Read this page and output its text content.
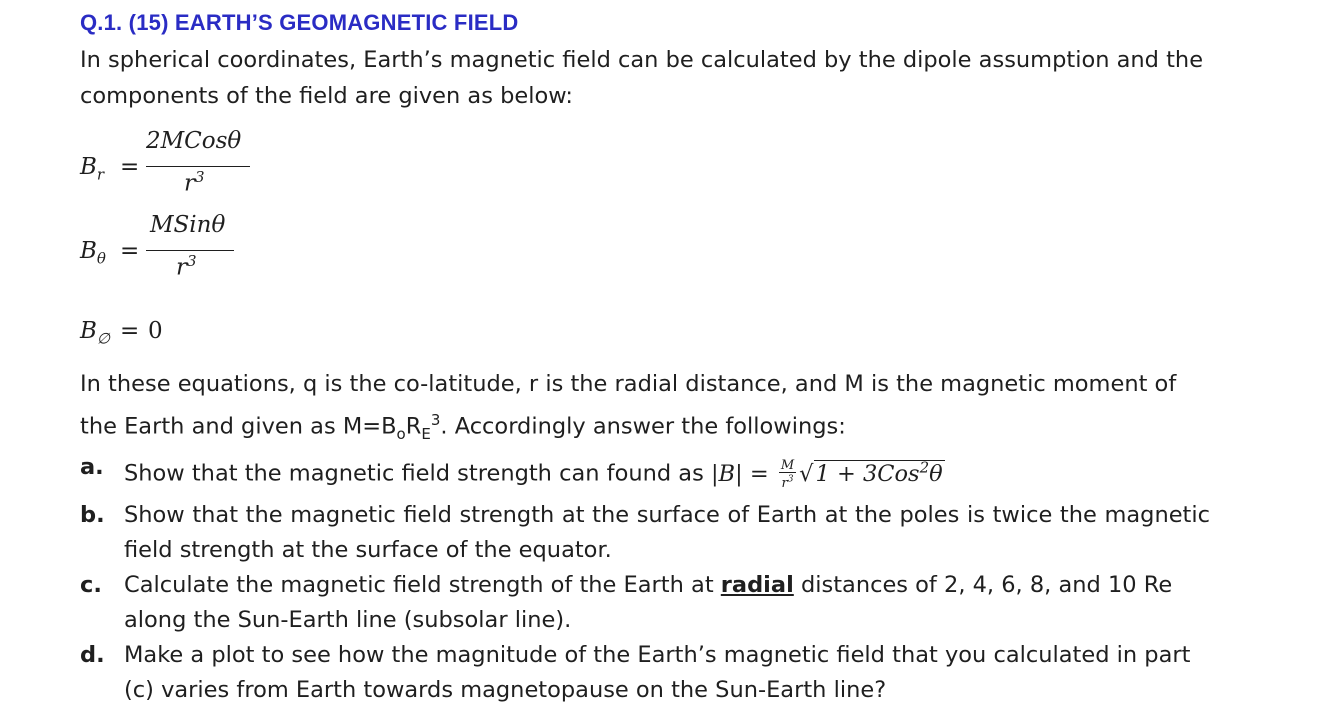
Q.1. (15) EARTH’S GEOMAGNETIC FIELD
In spherical coordinates, Earth’s magnetic field can be calculated by the dipole assumption and the components of the field are given as below:
$B_r$ =
2MCosθ
$r^3$
$B_\theta$ =
MSinθ
$r^3$
$B_\emptyset = 0$
In these equations, q is the co-latitude, r is the radial distance, and M is the magnetic moment of the Earth and given as $M=B_oR_E^3$. Accordingly answer the followings:
a. Show that the magnetic field strength can found as $|B| = \frac{M}{r^3} √1 + 3Cos^2\theta$
b. Show that the magnetic field strength at the surface of Earth at the poles is twice the magnetic field strength at the surface of the equator.
c. Calculate the magnetic field strength of the Earth at radial distances of 2, 4, 6, 8, and 10 Re along the Sun-Earth line (subsolar line).
d. Make a plot to see how the magnitude of the Earth’s magnetic field that you calculated in part (c) varies from Earth towards magnetopause on the Sun-Earth line?
